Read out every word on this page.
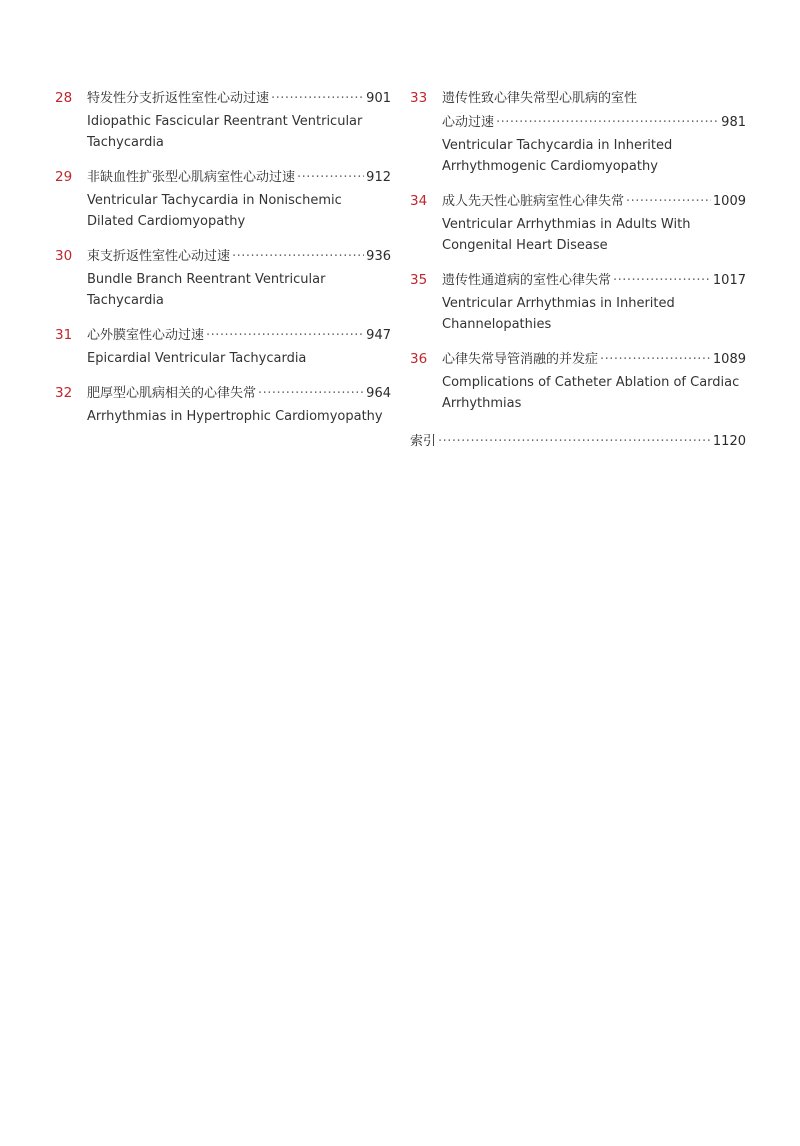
28	特发性分支折返性室性心动过速 ·····	901
Idiopathic Fascicular Reentrant Ventricular
Tachycardia
29	非缺血性扩张型心肌病室性心动过速 ·····	912
Ventricular Tachycardia in Nonischemic
Dilated Cardiomyopathy
30	束支折返性室性心动过速 ·····	936
Bundle Branch Reentrant Ventricular
Tachycardia
31	心外膜室性心动过速 ·····	947
Epicardial Ventricular Tachycardia
32	肥厚型心肌病相关的心律失常 ·····	964
Arrhythmias in Hypertrophic Cardiomyopathy
33	遗传性致心律失常型心肌病的室性
心动过速 ·····	981
Ventricular Tachycardia in Inherited
Arrhythmogenic Cardiomyopathy
34	成人先天性心脏病室性心律失常 ·····	1009
Ventricular Arrhythmias in Adults With
Congenital Heart Disease
35	遗传性通道病的室性心律失常 ·····	1017
Ventricular Arrhythmias in Inherited
Channelopathies
36	心律失常导管消融的并发症 ·····	1089
Complications of Catheter Ablation of Cardiac
Arrhythmias
索引 ·····	1120
